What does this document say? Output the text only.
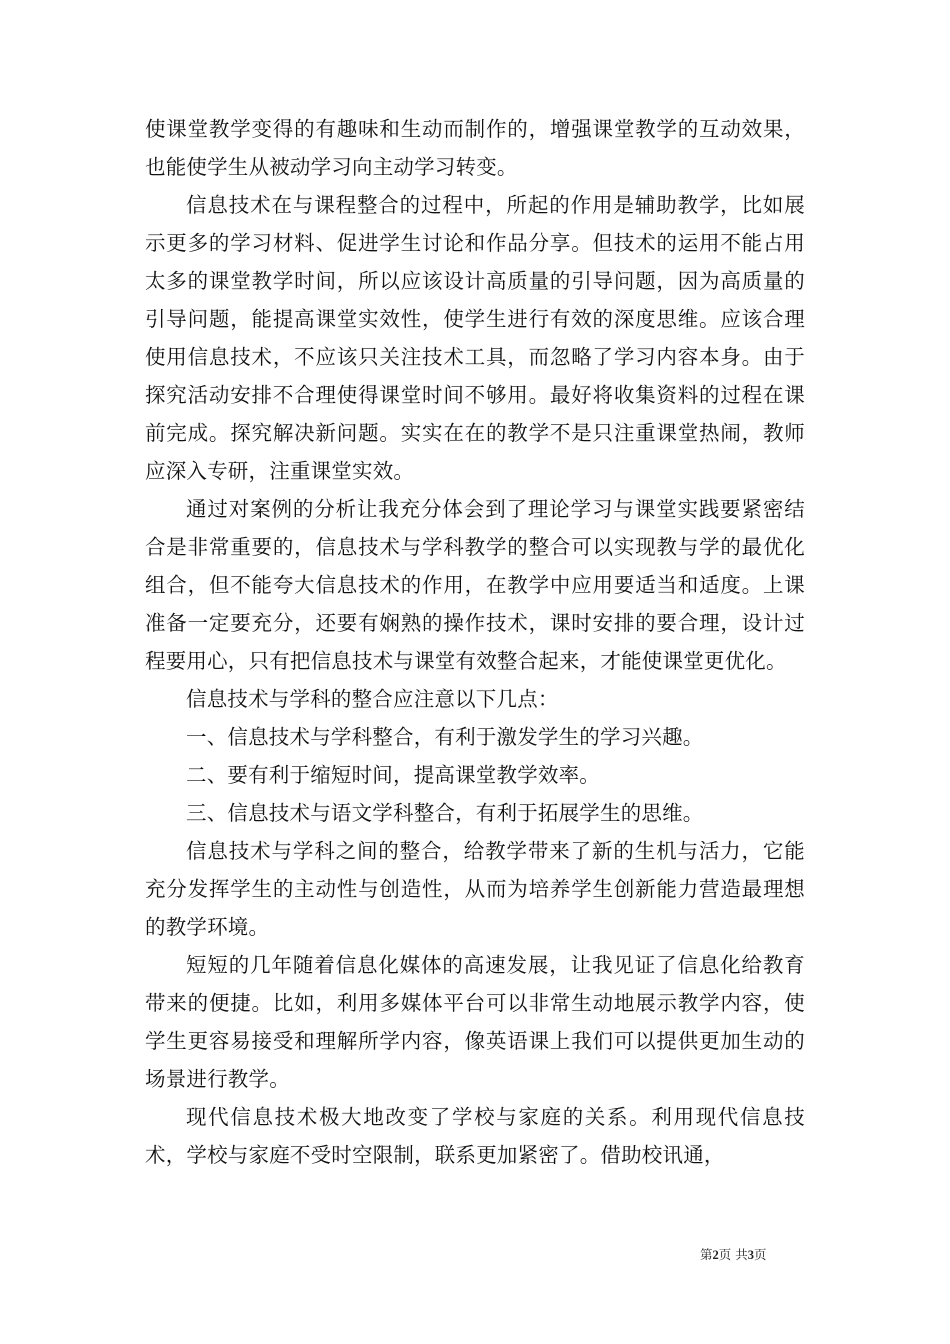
使课堂教学变得的有趣味和生动而制作的，增强课堂教学的互动效果，也能使学生从被动学习向主动学习转变。

信息技术在与课程整合的过程中，所起的作用是辅助教学，比如展示更多的学习材料、促进学生讨论和作品分享。但技术的运用不能占用太多的课堂教学时间，所以应该设计高质量的引导问题，因为高质量的引导问题，能提高课堂实效性，使学生进行有效的深度思维。应该合理使用信息技术，不应该只关注技术工具，而忽略了学习内容本身。由于探究活动安排不合理使得课堂时间不够用。最好将收集资料的过程在课前完成。探究解决新问题。实实在在的教学不是只注重课堂热闹，教师应深入专研，注重课堂实效。

通过对案例的分析让我充分体会到了理论学习与课堂实践要紧密结合是非常重要的，信息技术与学科教学的整合可以实现教与学的最优化组合，但不能夸大信息技术的作用，在教学中应用要适当和适度。上课准备一定要充分，还要有娴熟的操作技术，课时安排的要合理，设计过程要用心，只有把信息技术与课堂有效整合起来，才能使课堂更优化。

信息技术与学科的整合应注意以下几点：

一、信息技术与学科整合，有利于激发学生的学习兴趣。

二、要有利于缩短时间，提高课堂教学效率。

三、信息技术与语文学科整合，有利于拓展学生的思维。

信息技术与学科之间的整合，给教学带来了新的生机与活力，它能充分发挥学生的主动性与创造性，从而为培养学生创新能力营造最理想的教学环境。

短短的几年随着信息化媒体的高速发展，让我见证了信息化给教育带来的便捷。比如，利用多媒体平台可以非常生动地展示教学内容，使学生更容易接受和理解所学内容，像英语课上我们可以提供更加生动的场景进行教学。

现代信息技术极大地改变了学校与家庭的关系。利用现代信息技术，学校与家庭不受时空限制，联系更加紧密了。借助校讯通，

第2页 共3页
